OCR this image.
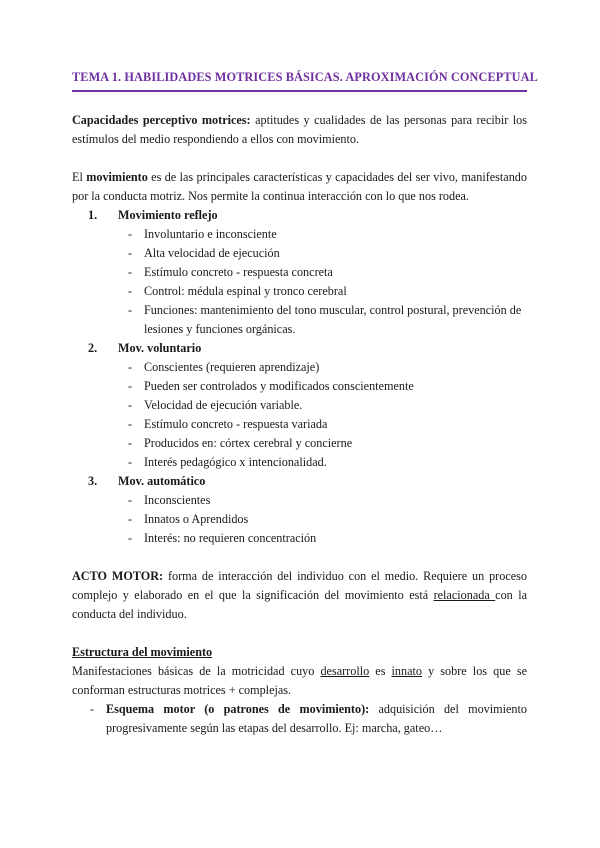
TEMA 1. HABILIDADES MOTRICES BÁSICAS. APROXIMACIÓN CONCEPTUAL

Capacidades perceptivo motrices: aptitudes y cualidades de las personas para recibir los estímulos del medio respondiendo a ellos con movimiento.

El movimiento es de las principales características y capacidades del ser vivo, manifestando por la conducta motriz. Nos permite la continua interacción con lo que nos rodea.

1.	Movimiento reflejo
- Involuntario e inconsciente
- Alta velocidad de ejecución
- Estímulo concreto - respuesta concreta
- Control: médula espinal y tronco cerebral
- Funciones: mantenimiento del tono muscular, control postural, prevención de lesiones y funciones orgánicas.
2.	Mov. voluntario
- Conscientes (requieren aprendizaje)
- Pueden ser controlados y modificados conscientemente
- Velocidad de ejecución variable.
- Estímulo concreto - respuesta variada
- Producidos en: córtex cerebral y concierne
- Interés pedagógico x intencionalidad.
3.	Mov. automático
- Inconscientes
- Innatos o Aprendidos
- Interés: no requieren concentración

ACTO MOTOR: forma de interacción del individuo con el medio. Requiere un proceso complejo y elaborado en el que la significación del movimiento está relacionada con la conducta del individuo.

Estructura del movimiento

Manifestaciones básicas de la motricidad cuyo desarrollo es innato y sobre los que se conforman estructuras motrices + complejas.

- Esquema motor (o patrones de movimiento): adquisición del movimiento progresivamente según las etapas del desarrollo. Ej: marcha, gateo…
